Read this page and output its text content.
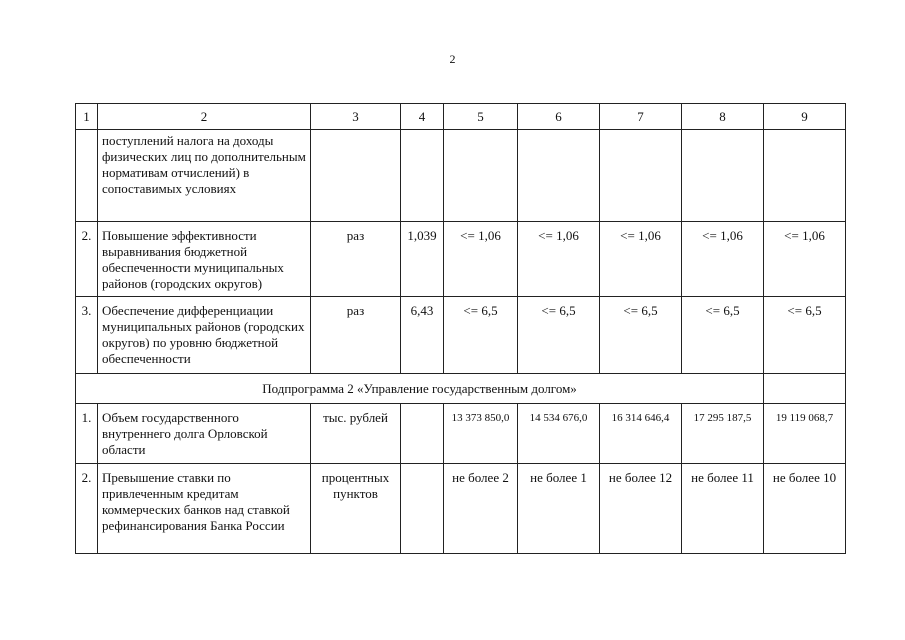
2
1	2	3	4	5	6	7	8	9
	поступлений налога на доходы физических лиц по дополнительным нормативам отчислений) в сопоставимых условиях							
2.	Повышение эффективности выравнивания бюджетной обеспеченности муниципальных районов (городских округов)	раз	1,039	<= 1,06	<= 1,06	<= 1,06	<= 1,06	<= 1,06
3.	Обеспечение дифференциации муниципальных районов (городских округов) по уровню бюджетной обеспеченности	раз	6,43	<= 6,5	<= 6,5	<= 6,5	<= 6,5	<= 6,5
Подпрограмма 2 «Управление государственным долгом»								
1.	Объем государственного внутреннего долга Орловской области	тыс. рублей		13 373 850,0	14 534 676,0	16 314 646,4	17 295 187,5	19 119 068,7
2.	Превышение ставки по привлеченным кредитам коммерческих банков над ставкой рефинансирования Банка России	процентных пунктов		не более 2	не более 1	не более 12	не более 11	не более 10
